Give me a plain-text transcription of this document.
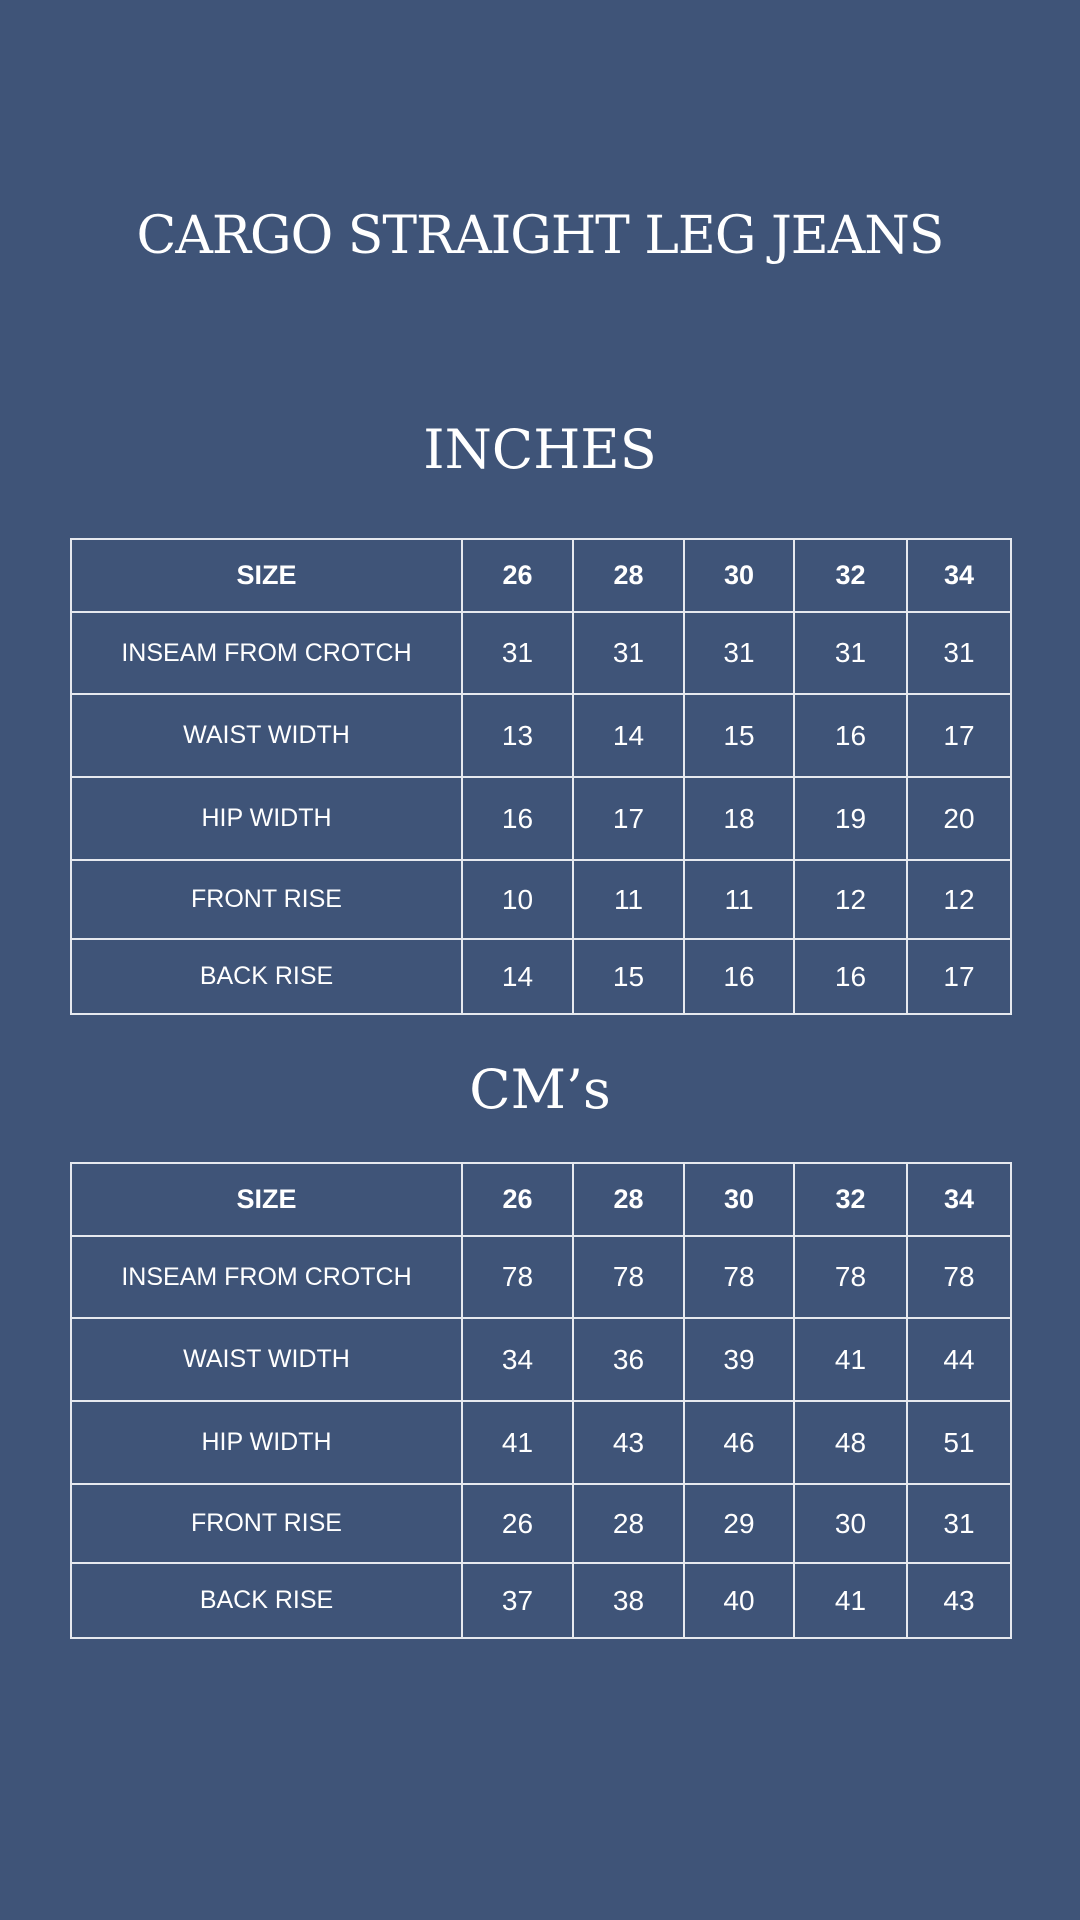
CARGO STRAIGHT LEG JEANS
INCHES
SIZE	26	28	30	32	34
INSEAM FROM CROTCH	31	31	31	31	31
WAIST WIDTH	13	14	15	16	17
HIP WIDTH	16	17	18	19	20
FRONT RISE	10	11	11	12	12
BACK RISE	14	15	16	16	17
CM’s
SIZE	26	28	30	32	34
INSEAM FROM CROTCH	78	78	78	78	78
WAIST WIDTH	34	36	39	41	44
HIP WIDTH	41	43	46	48	51
FRONT RISE	26	28	29	30	31
BACK RISE	37	38	40	41	43
